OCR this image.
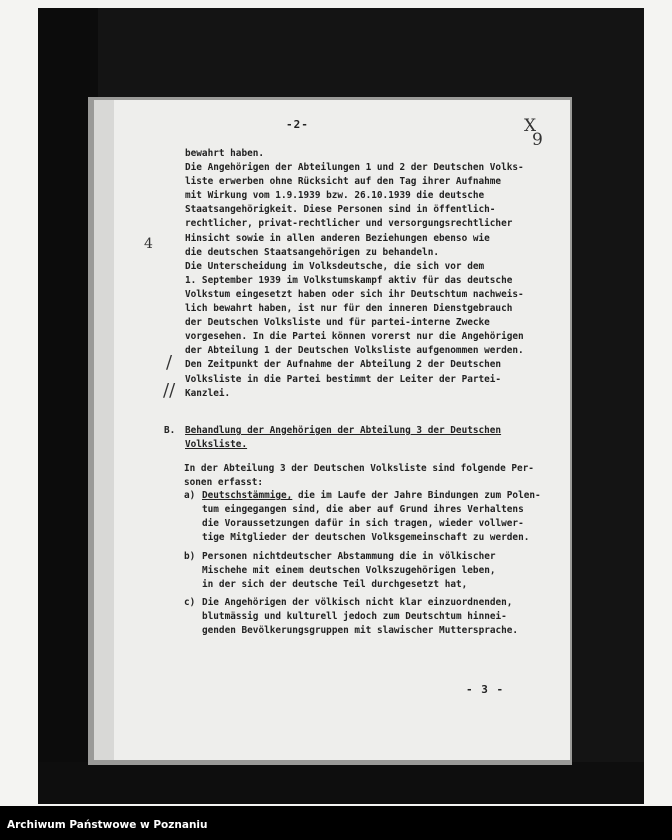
-2-	X
9
4
/
//
bewahrt haben.
Die Angehörigen der Abteilungen 1 und 2 der Deutschen Volks-
liste erwerben ohne Rücksicht auf den Tag ihrer Aufnahme
mit Wirkung vom 1.9.1939 bzw. 26.10.1939 die deutsche
Staatsangehörigkeit. Diese Personen sind in öffentlich-
rechtlicher, privat-rechtlicher und versorgungsrechtlicher
Hinsicht sowie in allen anderen Beziehungen ebenso wie
die deutschen Staatsangehörigen zu behandeln.
Die Unterscheidung im Volksdeutsche, die sich vor dem
1. September 1939 im Volkstumskampf aktiv für das deutsche
Volkstum eingesetzt haben oder sich ihr Deutschtum nachweis-
lich bewahrt haben, ist nur für den inneren Dienstgebrauch
der Deutschen Volksliste und für partei-interne Zwecke
vorgesehen. In die Partei können vorerst nur die Angehörigen
der Abteilung 1 der Deutschen Volksliste aufgenommen werden.
Den Zeitpunkt der Aufnahme der Abteilung 2 der Deutschen
Volksliste in die Partei bestimmt der Leiter der Partei-
Kanzlei.
B. Behandlung der Angehörigen der Abteilung 3 der Deutschen
Volksliste.
In der Abteilung 3 der Deutschen Volksliste sind folgende Per-
sonen erfasst:
a) Deutschstämmige, die im Laufe der Jahre Bindungen zum Polen-
tum eingegangen sind, die aber auf Grund ihres Verhaltens
die Voraussetzungen dafür in sich tragen, wieder vollwer-
tige Mitglieder der deutschen Volksgemeinschaft zu werden.
b) Personen nichtdeutscher Abstammung die in völkischer
Mischehe mit einem deutschen Volkszugehörigen leben,
in der sich der deutsche Teil durchgesetzt hat,
c) Die Angehörigen der völkisch nicht klar einzuordnenden,
blutmässig und kulturell jedoch zum Deutschtum hinnei-
genden Bevölkerungsgruppen mit slawischer Muttersprache.
- 3 -
Archiwum Państwowe w Poznaniu
